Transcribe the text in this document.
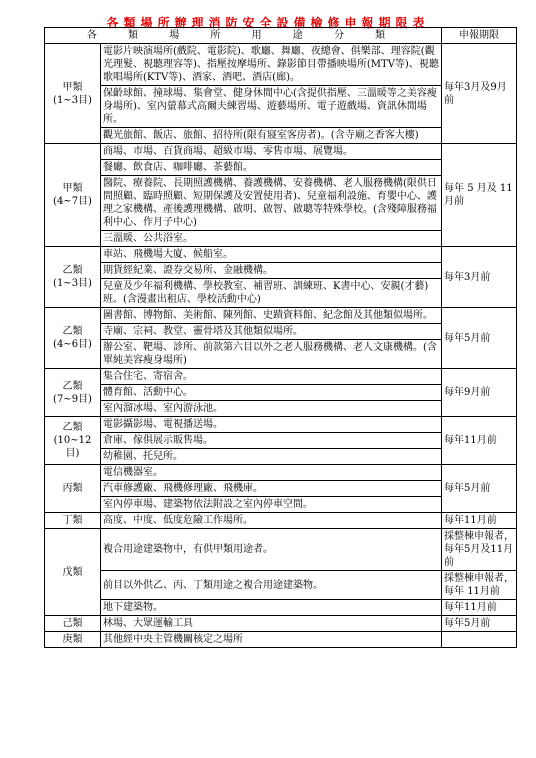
各類場所辦理消防安全設備檢修申報期限表
各 類 場 所 用 途 分 類		申報期限
甲類
(1~3目)	電影片映演場所(戲院、電影院)、歌廳、舞廳、夜總會、俱樂部、理容院(觀光理髮、視聽理容等)、指壓按摩場所、錄影節目帶播映場所(MTV等)、視聽歌唱場所(KTV等)、酒家、酒吧、酒店(廊)。	每年3月及9月前
	保齡球館、撞球場、集會堂、健身休閒中心(含提供指壓、三溫暖等之美容瘦身場所)、室內螢幕式高爾夫練習場、遊藝場所、電子遊戲場、資訊休閒場所。	
	觀光旅館、飯店、旅館、招待所(限有寢室客房者)。(含寺廟之香客大樓)	
甲類
(4~7目)	商場、市場、百貨商場、超級市場、零售市場、展覽場。	每年 5 月及 11月前
	餐廳、飲食店、咖啡廳、茶藝館。	
	醫院、療養院、長期照護機構、養護機構、安養機構、老人服務機構(限供日間照顧、臨時照顧、短期保護及安置使用者)、兒童福利設施、育嬰中心、護理之家機構、產後護理機構、啟明、啟智、啟聰等特殊學校。(含殘障服務福利中心、作月子中心)	
	三溫暖、公共浴室。	
乙類
(1~3目)	車站、飛機場大廈、候船室。	每年3月前
	期貨經紀業、證券交易所、金融機構。	
	兒童及少年福利機構、學校教室、補習班、訓練班、K書中心、安親(才藝)班。(含漫畫出租店、學校活動中心)	
乙類
(4~6目)	圖書館、博物館、美術館、陳列館、史蹟資料館、紀念館及其他類似場所。	每年5月前
	寺廟、宗祠、教堂、靈骨塔及其他類似場所。	
	辦公室、靶場、診所、前款第六目以外之老人服務機構、老人文康機構。(含單純美容瘦身場所)	
乙類
(7~9目)	集合住宅、寄宿舍。	每年9月前
	體育館、活動中心。	
	室內溜冰場、室內游泳池。	
乙類
(10~12目)	電影攝影場、電視播送場。	每年11月前
	倉庫、傢俱展示販售場。	
	幼稚園、托兒所。	
丙類	電信機器室。	每年5月前
	汽車修護廠、飛機修理廠、飛機庫。	
	室內停車場、建築物依法附設之室內停車空間。	
丁類	高度、中度、低度危險工作場所。	每年11月前
戊類	複合用途建築物中，有供甲類用途者。	採整棟申報者，每年5月及11月前
	前目以外供乙、丙、丁類用途之複合用途建築物。	採整棟申報者，每年 11月前
	地下建築物。	每年11月前
己類	林場、大眾運輸工具	每年5月前
庚類	其他經中央主管機關核定之場所	
